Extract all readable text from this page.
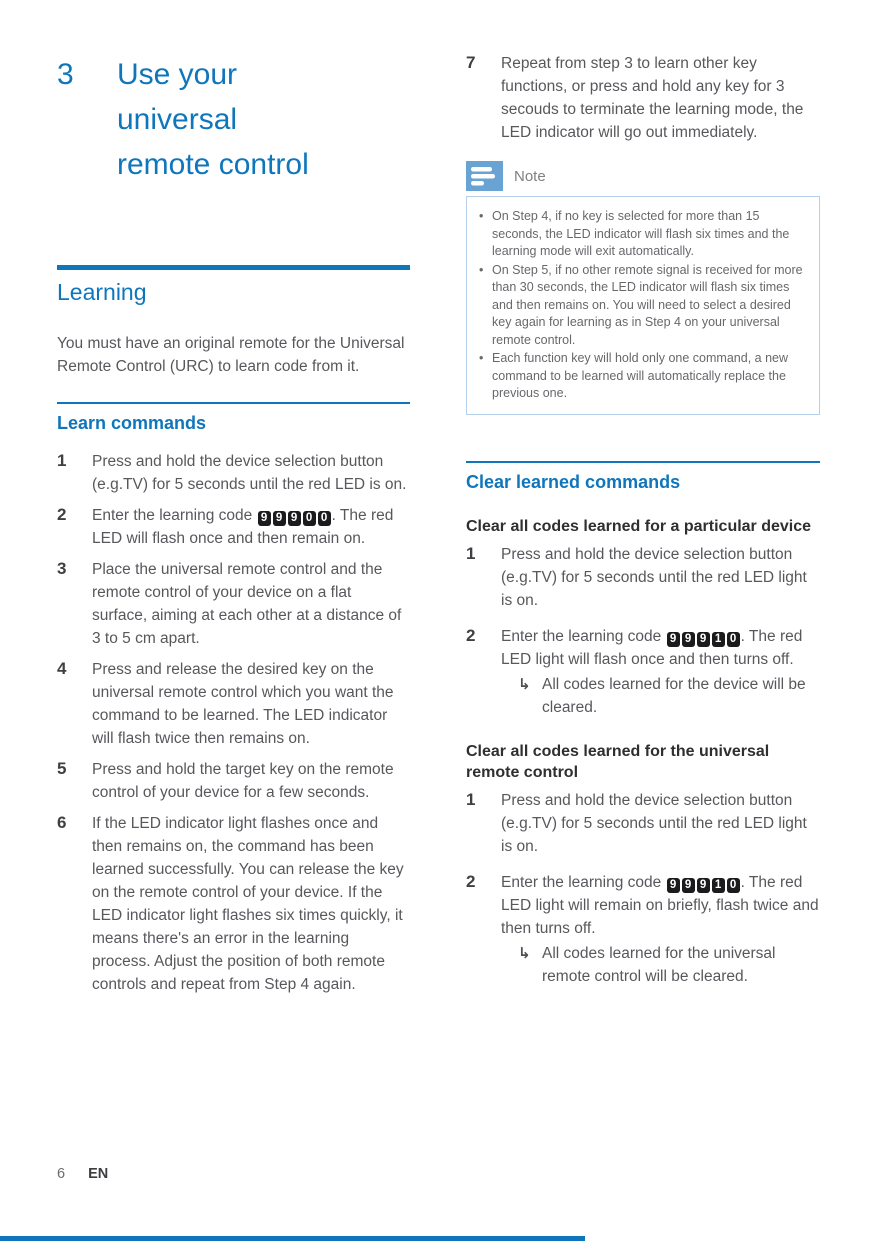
3	Use your universal remote control
Learning

You must have an original remote for the Universal Remote Control (URC) to learn code from it.

Learn commands
1	Press and hold the device selection button (e.g.TV) for 5 seconds until the red LED is on.
2	Enter the learning code 9 9 9 0 0 . The red LED will flash once and then remain on.
3	Place the universal remote control and the remote control of your device on a flat surface, aiming at each other at a distance of 3 to 5 cm apart.
4	Press and release the desired key on the universal remote control which you want the command to be learned. The LED indicator will flash twice then remains on.
5	Press and hold the target key on the remote control of your device for a few seconds.
6	If the LED indicator light flashes once and then remains on, the command has been learned successfully. You can release the key on the remote control of your device. If the LED indicator light flashes six times quickly, it means there's an error in the learning process. Adjust the position of both remote controls and repeat from Step 4 again.
7	Repeat from step 3 to learn other key functions, or press and hold any key for 3 secouds to terminate the learning mode, the LED indicator will go out immediately.
Note
• On Step 4, if no key is selected for more than 15 seconds, the LED indicator will flash six times and the learning mode will exit automatically.
• On Step 5, if no other remote signal is received for more than 30 seconds, the LED indicator will flash six times and then remains on. You will need to select a desired key again for learning as in Step 4 on your universal remote control.
• Each function key will hold only one command, a new command to be learned will automatically replace the previous one.
Clear learned commands
Clear all codes learned for a particular device
1	Press and hold the device selection button (e.g.TV) for 5 seconds until the red LED light is on.
2	Enter the learning code 9 9 9 1 0 . The red LED light will flash once and then turns off.
↳ All codes learned for the device will be cleared.
Clear all codes learned for the universal remote control
1	Press and hold the device selection button (e.g.TV) for 5 seconds until the red LED light is on.
2	Enter the learning code 9 9 9 1 0 . The red LED light will remain on briefly, flash twice and then turns off.
↳ All codes learned for the universal remote control will be cleared.
6 EN
